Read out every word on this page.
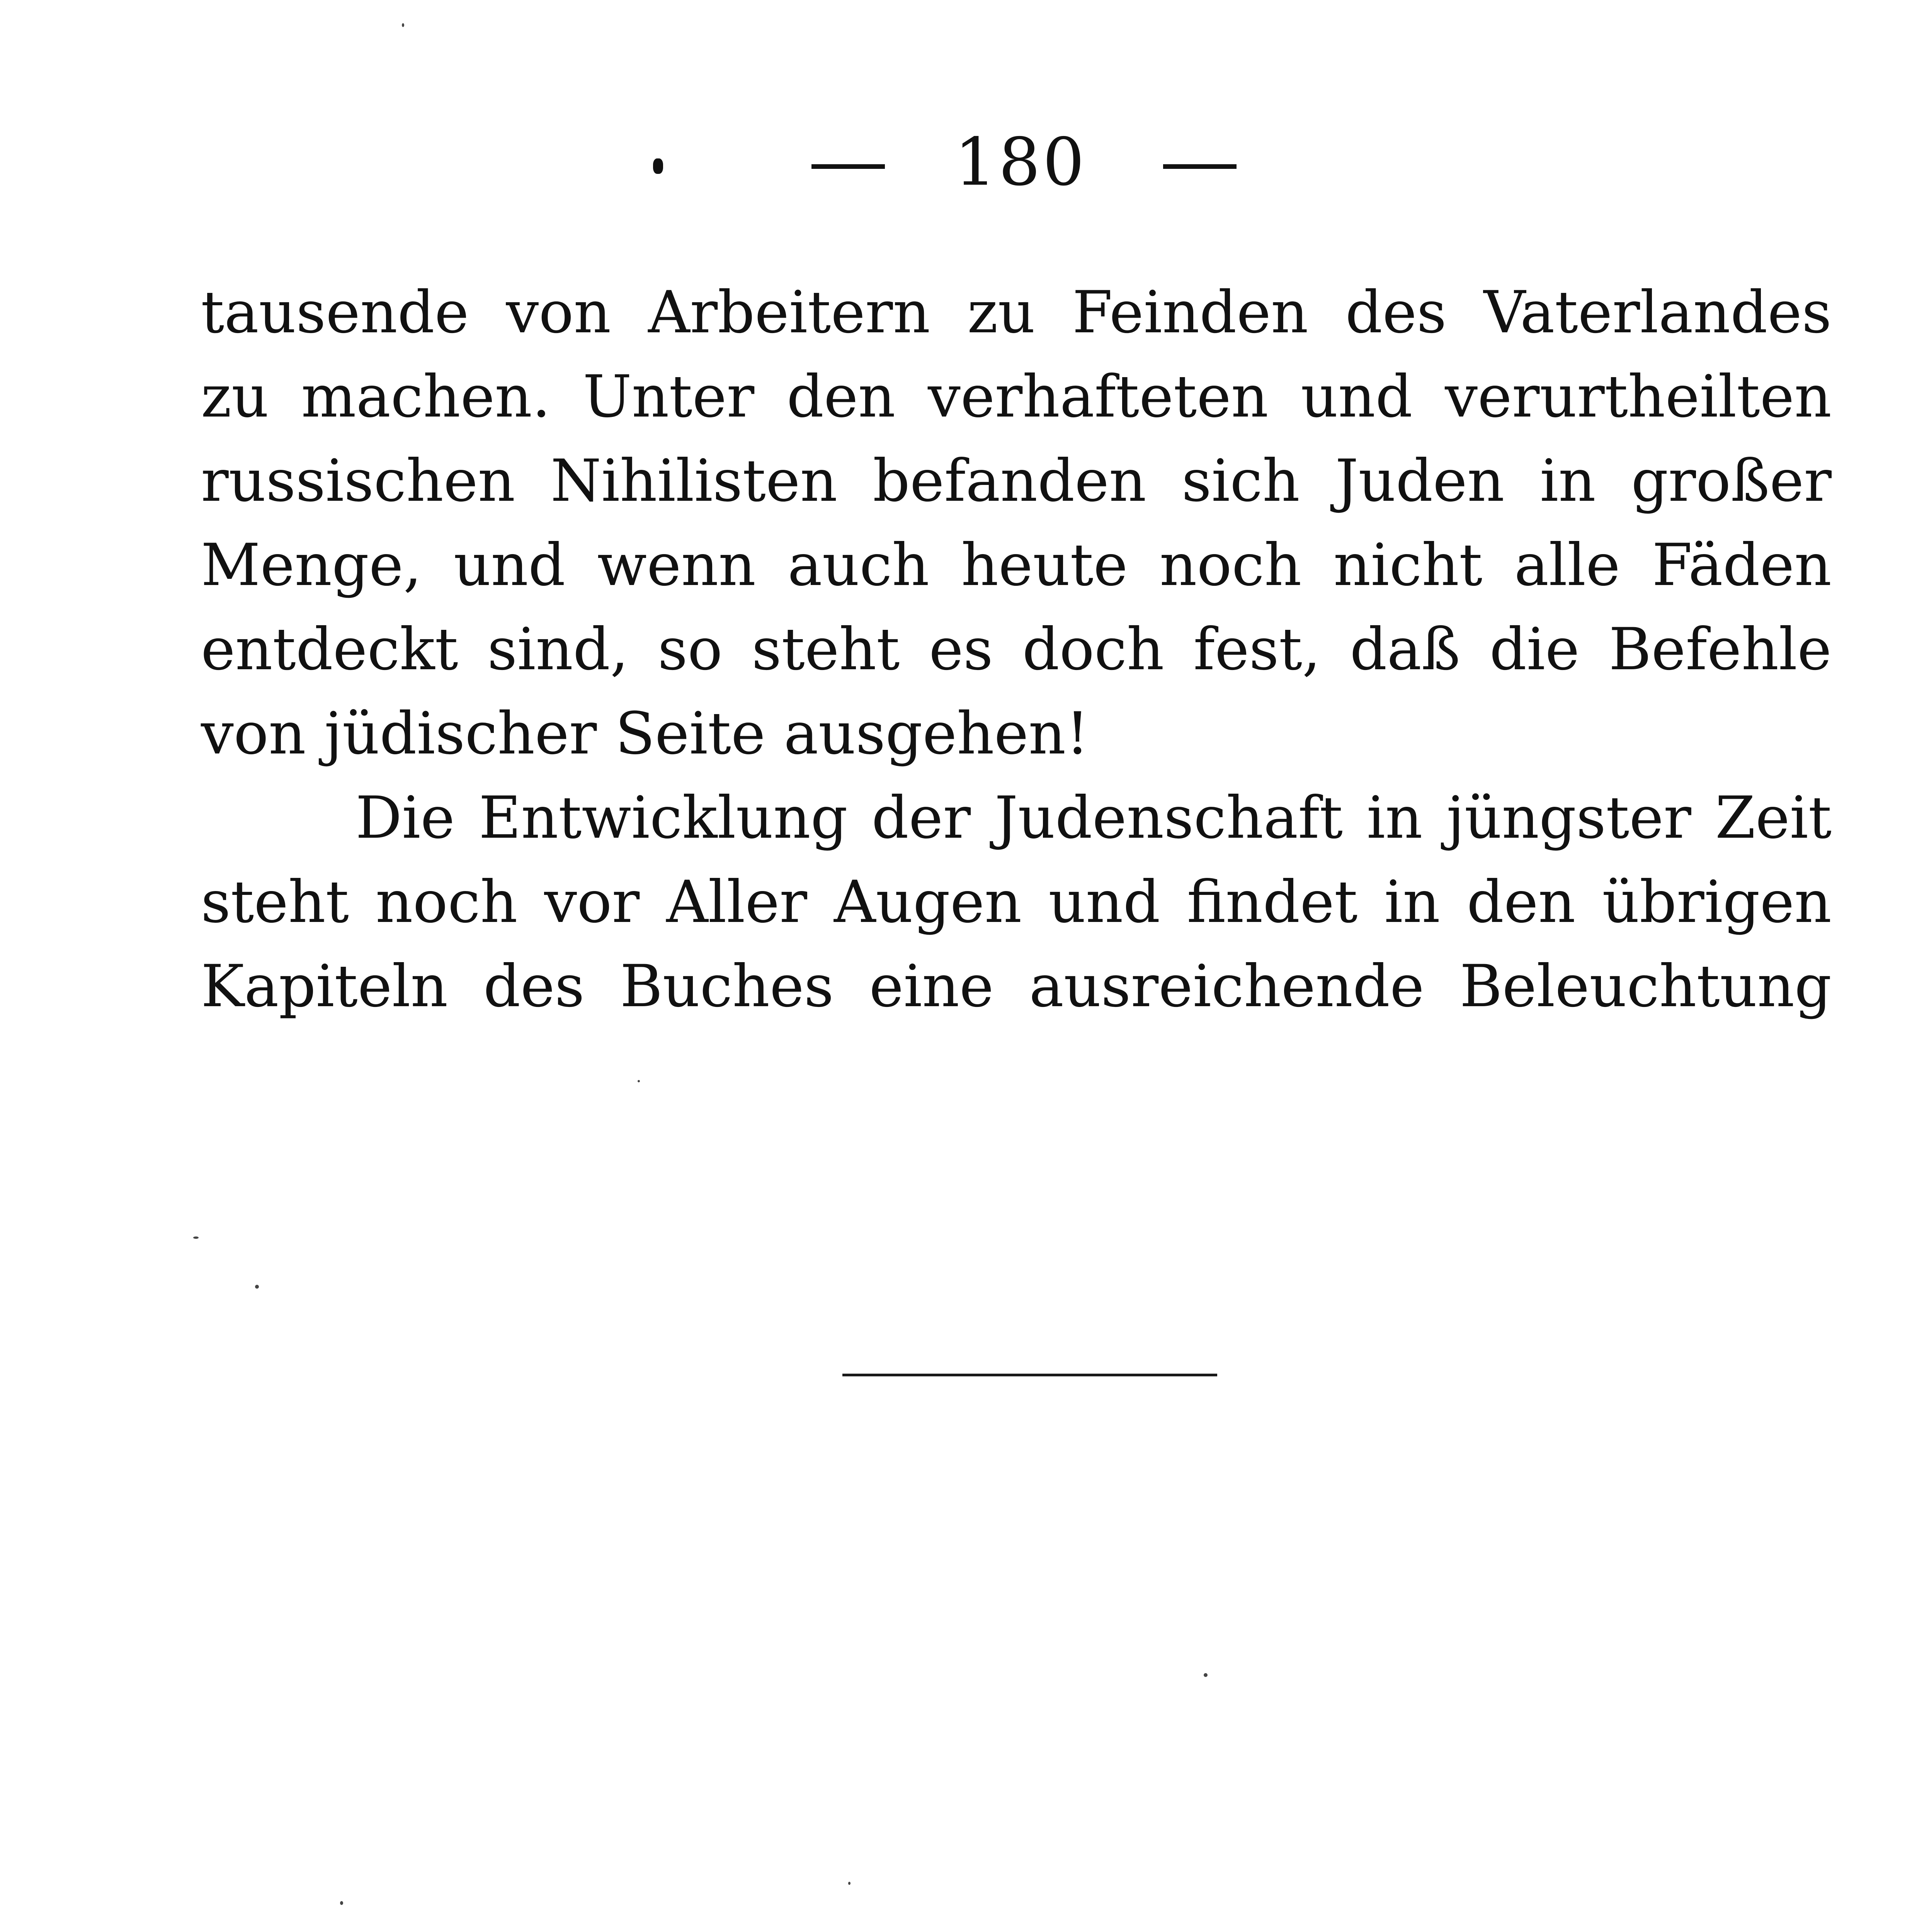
180
tausende von Arbeitern zu Feinden des Vaterlandes
zu machen. Unter den verhafteten und verurtheilten
russischen Nihilisten befanden sich Juden in großer
Menge, und wenn auch heute noch nicht alle Fäden
entdeckt sind, so steht es doch fest, daß die Befehle
von jüdischer Seite ausgehen!
Die Entwicklung der Judenschaft in jüngster Zeit
steht noch vor Aller Augen und findet in den übrigen
Kapiteln des Buches eine ausreichende Beleuchtung
